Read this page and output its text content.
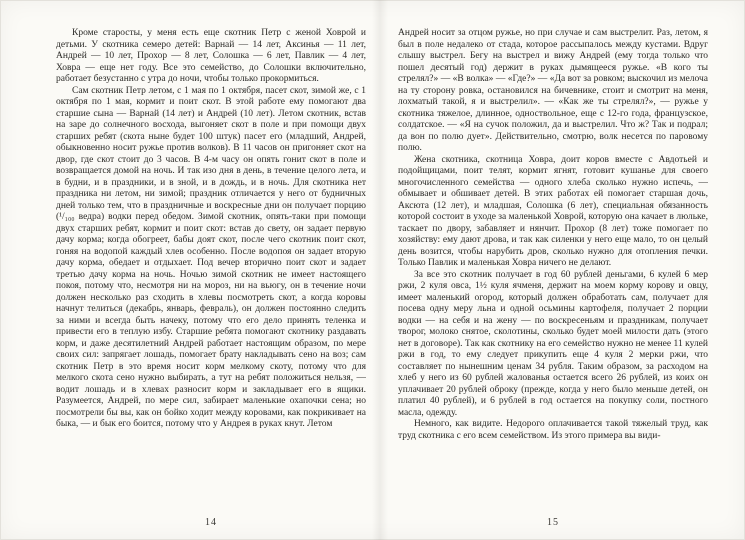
Кроме старосты, у меня есть еще скотник Петр с женой Ховрой и детьми. У скотника семеро детей: Варнай — 14 лет, Аксинья — 11 лет, Андрей — 10 лет, Прохор — 8 лет, Солошка — 6 лет, Павлик — 4 лет, Ховра — еще нет году. Все это семейство, до Солошки включительно, работает безустанно с утра до ночи, чтобы только прокормиться.

Сам скотник Петр летом, с 1 мая по 1 октября, пасет скот, зимой же, с 1 октября по 1 мая, кормит и поит скот. В этой работе ему помогают два старшие сына — Варнай (14 лет) и Андрей (10 лет). Летом скотник, встав на заре до солнечного восхода, выгоняет скот в поле и при помощи двух старших ребят (скота ныне будет 100 штук) пасет его (младший, Андрей, обыкновенно носит ружье против волков). В 11 часов он пригоняет скот на двор, где скот стоит до 3 часов. В 4-м часу он опять гонит скот в поле и возвращается домой на ночь. И так изо дня в день, в течение целого лета, и в будни, и в праздники, и в зной, и в дождь, и в ночь. Для скотника нет праздника ни летом, ни зимой; праздник отличается у него от будничных дней только тем, что в праздничные и воскресные дни он получает порцию (¹/₁₀₀ ведра) водки перед обедом. Зимой скотник, опять-таки при помощи двух старших ребят, кормит и поит скот: встав до свету, он задает первую дачу корма; когда обогреет, бабы доят скот, после чего скотник поит скот, гоняя на водопой каждый хлев особенно. После водопоя он задает вторую дачу корма, обедает и отдыхает. Под вечер вторично поит скот и задает третью дачу корма на ночь. Ночью зимой скотник не имеет настоящего покоя, потому что, несмотря ни на мороз, ни на вьюгу, он в течение ночи должен несколько раз сходить в хлевы посмотреть скот, а когда коровы начнут телиться (декабрь, январь, февраль), он должен постоянно следить за ними и всегда быть начеку, потому что его дело принять теленка и привести его в теплую избу. Старшие ребята помогают скотнику раздавать корм, и даже десятилетний Андрей работает настоящим образом, по мере своих сил: запрягает лошадь, помогает брату накладывать сено на воз; сам скотник Петр в это время носит корм мелкому скоту, потому что для мелкого скота сено нужно выбирать, а тут на ребят положиться нельзя, — водит лошадь и в хлевах разносит корм и закладывает его в ящики. Разумеется, Андрей, по мере сил, забирает маленькие охапочки сена; но посмотрели бы вы, как он бойко ходит между коровами, как покрикивает на быка, — и бык его боится, потому что у Андрея в руках кнут. Летом

14

Андрей носит за отцом ружье, но при случае и сам выстрелит. Раз, летом, я был в поле недалеко от стада, которое рассыпалось между кустами. Вдруг слышу выстрел. Бегу на выстрел и вижу Андрей (ему тогда только что пошел десятый год) держит в руках дымящееся ружье. «В кого ты стрелял?» — «В волка» — «Где?» — «Да вот за ровком; выскочил из мелоча на ту сторону ровка, остановился на бичевнике, стоит и смотрит на меня, лохматый такой, я и выстрелил». — «Как же ты стрелял?», — ружье у скотника тяжелое, длинное, одноствольное, еще с 12-го года, французское, солдатское. — «Я на сучок положил, да и выстрелил. Что ж? Так и подрал; да вон по полю дует». Действительно, смотрю, волк несется по паровому полю.

Жена скотника, скотница Ховра, доит коров вместе с Авдотьей и подойщицами, поит телят, кормит ягнят, готовит кушанье для своего многочисленного семейства — одного хлеба сколько нужно испечь, — обмывает и обшивает детей. В этих работах ей помогает старшая дочь, Аксюта (12 лет), и младшая, Солошка (6 лет), специальная обязанность которой состоит в уходе за маленькой Ховрой, которую она качает в люльке, таскает по двору, забавляет и нянчит. Прохор (8 лет) тоже помогает по хозяйству: ему дают дрова, и так как силенки у него еще мало, то он целый день возится, чтобы нарубить дров, сколько нужно для отопления печки. Только Павлик и маленькая Ховра ничего не делают.

За все это скотник получает в год 60 рублей деньгами, 6 кулей 6 мер ржи, 2 куля овса, 1½ куля ячменя, держит на моем корму корову и овцу, имеет маленький огород, который должен обработать сам, получает для посева одну меру льна и одной осьмины картофеля, получает 2 порции водки — на себя и на жену — по воскресеньям и праздникам, получает творог, молоко снятое, сколотины, сколько будет моей милости дать (этого нет в договоре). Так как скотнику на его семейство нужно не менее 11 кулей ржи в год, то ему следует прикупить еще 4 куля 2 мерки ржи, что составляет по нынешним ценам 34 рубля. Таким образом, за расходом на хлеб у него из 60 рублей жалованья остается всего 26 рублей, из коих он уплачивает 20 рублей оброку (прежде, когда у него было меньше детей, он платил 40 рублей), и 6 рублей в год остается на покупку соли, постного масла, одежду.

Немного, как видите. Недорого оплачивается такой тяжелый труд, как труд скотника с его всем семейством. Из этого примера вы види-

15
